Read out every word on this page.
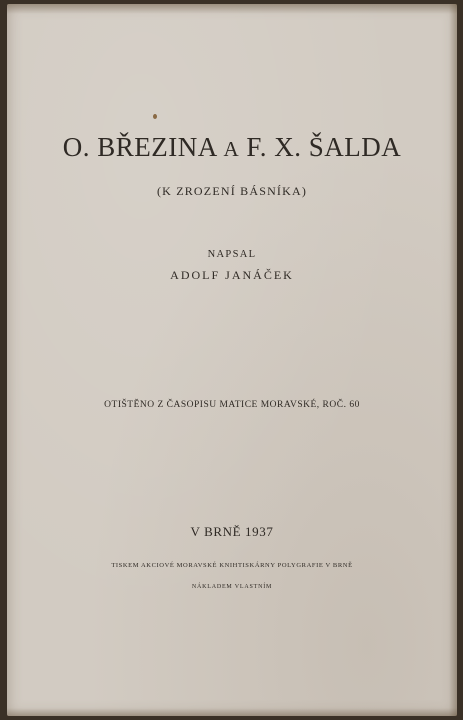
O. BŘEZINA A F. X. ŠALDA
(K ZROZENÍ BÁSNÍKA)
NAPSAL
ADOLF JANÁČEK
OTIŠTĚNO Z ČASOPISU MATICE MORAVSKÉ, ROČ. 60
V BRNĚ 1937
TISKEM AKCIOVÉ MORAVSKÉ KNIHTISKÁRNY POLYGRAFIE V BRNĚ
NÁKLADEM VLASTNÍM
